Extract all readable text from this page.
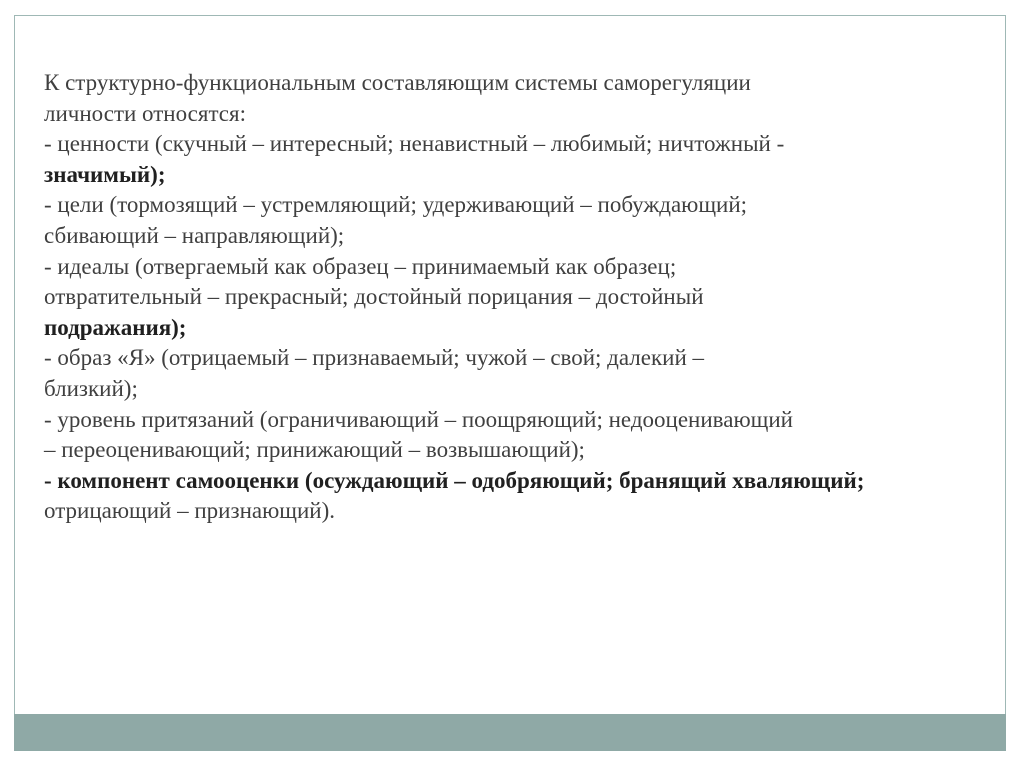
К структурно-функциональным составляющим системы саморегуляции
личности относятся:
- ценности (скучный – интересный; ненавистный – любимый; ничтожный -
значимый);
- цели (тормозящий – устремляющий; удерживающий – побуждающий;
сбивающий – направляющий);
- идеалы (отвергаемый как образец – принимаемый как образец;
отвратительный – прекрасный; достойный порицания – достойный
подражания);
- образ «Я» (отрицаемый – признаваемый; чужой – свой; далекий –
близкий);
- уровень притязаний (ограничивающий – поощряющий; недооценивающий
– переоценивающий; принижающий – возвышающий);
- компонент самооценки (осуждающий – одобряющий; бранящий хваляющий;
отрицающий – признающий).
